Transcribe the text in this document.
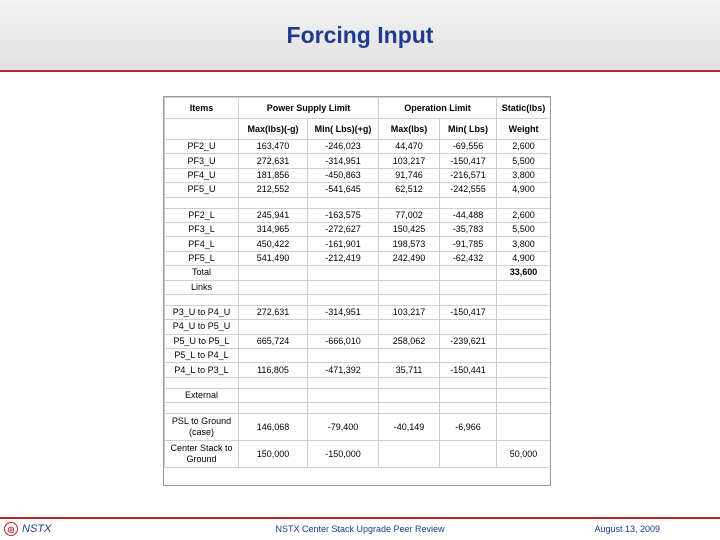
Forcing Input
Items	Power Supply Limit		Operation Limit		Static(lbs)
	Max(lbs)(-g)	Min( Lbs)(+g)	Max(lbs)	Min( Lbs)	Weight
PF2_U	163,470	-246,023	44,470	-69,556	2,600
PF3_U	272,631	-314,951	103,217	-150,417	5,500
PF4_U	181,856	-450,863	91,746	-216,571	3,800
PF5_U	212,552	-541,645	62,512	-242,555	4,900

PF2_L	245,941	-163,575	77,002	-44,488	2,600
PF3_L	314,965	-272,627	150,425	-35,783	5,500
PF4_L	450,422	-161,901	198,573	-91,785	3,800
PF5_L	541,490	-212,419	242,490	-62,432	4,900
Total					33,600
Links					

P3_U to P4_U	272,631	-314,951	103,217	-150,417	
P4_U to P5_U					
P5_U to P5_L	665,724	-666,010	258,062	-239,621	
P5_L to P4_L					
P4_L to P3_L	116,805	-471,392	35,711	-150,441	

External					

PSL to Ground (case)	146,068	-79,400	-40,149	-6,966	
Center Stack to Ground	150,000	-150,000			50,000
◎ NSTX	NSTX Center Stack Upgrade Peer Review	August 13, 2009
